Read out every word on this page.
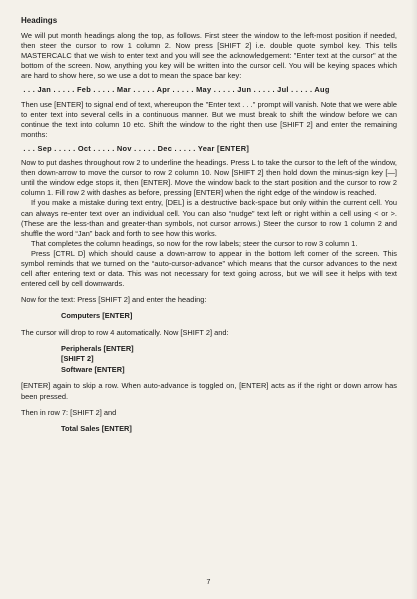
Headings

We will put month headings along the top, as follows. First steer the window to the left-most position if needed, then steer the cursor to row 1 column 2. Now press [SHIFT 2] i.e. double quote symbol key. This tells MASTERCALC that we wish to enter text and you will see the acknowledgement: "Enter text at the cursor" at the bottom of the screen. Now, anything you key will be written into the cursor cell. You will be keying spaces which are hard to show here, so we use a dot to mean the space bar key:

. . . Jan . . . . . Feb . . . . . Mar . . . . . Apr . . . . . May . . . . . Jun . . . . . Jul . . . . . Aug

Then use [ENTER] to signal end of text, whereupon the "Enter text . . ." prompt will vanish. Note that we were able to enter text into several cells in a continuous manner. But we must break to shift the window before we can continue the text into column 10 etc. Shift the window to the right then use [SHIFT 2] and enter the remaining months:

. . . Sep . . . . . Oct . . . . . Nov . . . . . Dec . . . . . Year [ENTER]

Now to put dashes throughout row 2 to underline the headings. Press L to take the cursor to the left of the window, then down-arrow to move the cursor to row 2 column 10. Now [SHIFT 2] then hold down the minus-sign key [—] until the window edge stops it, then [ENTER]. Move the window back to the start position and the cursor to row 2 column 1. Fill row 2 with dashes as before, pressing [ENTER] when the right edge of the window is reached.

If you make a mistake during text entry, [DEL] is a destructive back-space but only within the current cell. You can always re-enter text over an individual cell. You can also “nudge” text left or right within a cell using < or >. (These are the less-than and greater-than symbols, not cursor arrows.) Steer the cursor to row 1 column 2 and shuffle the word “Jan” back and forth to see how this works.

That completes the column headings, so now for the row labels; steer the cursor to row 3 column 1.

Press [CTRL D] which should cause a down-arrow to appear in the bottom left corner of the screen. This symbol reminds that we turned on the “auto-cursor-advance” which means that the cursor advances to the next cell after entering text or data. This was not necessary for text going across, but we will see it helps with text entered cell by cell downwards.

Now for the text: Press [SHIFT 2] and enter the heading:

Computers [ENTER]

The cursor will drop to row 4 automatically. Now [SHIFT 2] and:

Peripherals [ENTER]
[SHIFT 2]
Software [ENTER]

[ENTER] again to skip a row. When auto-advance is toggled on, [ENTER] acts as if the right or down arrow has been pressed.

Then in row 7: [SHIFT 2] and

Total Sales [ENTER]
7
